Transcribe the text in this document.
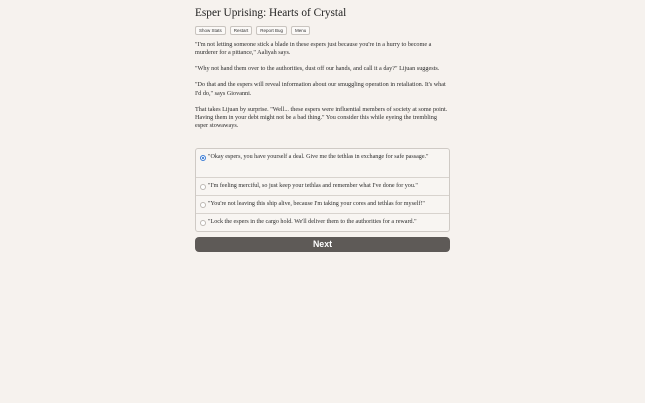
Esper Uprising: Hearts of Crystal
Show Stats	Restart	Report Bug	Menu

"I'm not letting someone stick a blade in these espers just because you're in a hurry to become a murderer for a pittance," Aaliyah says.

"Why not hand them over to the authorities, dust off our hands, and call it a day?" Lijuan suggests.

"Do that and the espers will reveal information about our smuggling operation in retaliation. It's what I'd do," says Giovanni.

That takes Lijuan by surprise. "Well... these espers were influential members of society at some point. Having them in your debt might not be a bad thing." You consider this while eyeing the trembling esper stowaways.

"Okay espers, you have yourself a deal. Give me the tethlas in exchange for safe passage."
"I'm feeling merciful, so just keep your tethlas and remember what I've done for you."
"You're not leaving this ship alive, because I'm taking your cores and tethlas for myself!"
"Lock the espers in the cargo hold. We'll deliver them to the authorities for a reward."
Next
